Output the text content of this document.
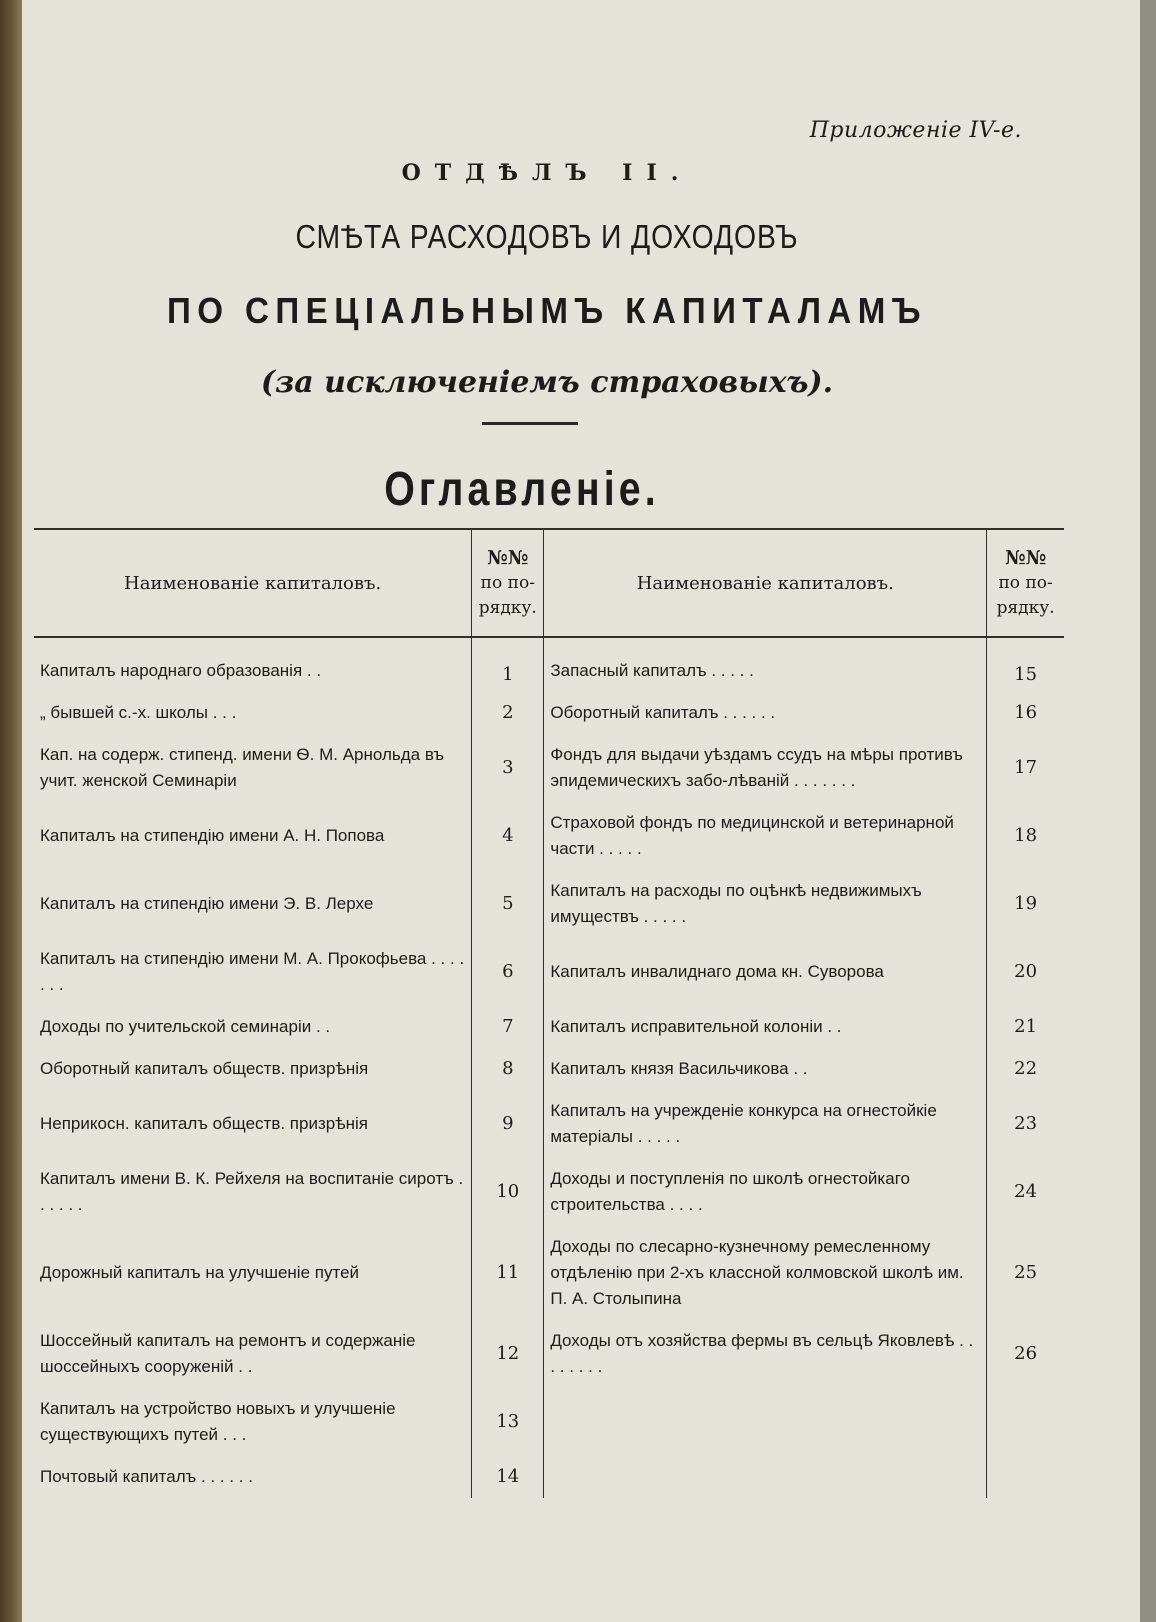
Приложеніе IV-е.
ОТДѢЛЪ II.
СМѢТА РАСХОДОВЪ И ДОХОДОВЪ
ПО СПЕЦІАЛЬНЫМЪ КАПИТАЛАМЪ
(за исключеніемъ страховыхъ).
Оглавленіе.
Наименованіе капиталовъ.	№№
по по-
рядку.	Наименованіе капиталовъ.	№№
по по-
рядку.

Капиталъ народнаго образованія . .	1	Запасный капиталъ . . . . .	15
„ бывшей с.-х. школы . . .	2	Оборотный капиталъ . . . . . .	16
Кап. на содерж. стипенд. имени Ѳ. М. Арнольда въ учит. женской Семинаріи	3	Фондъ для выдачи уѣздамъ ссудъ на мѣры противъ эпидемическихъ забо-лѣваній . . . . . . .	17
Капиталъ на стипендію имени А. Н. Попова	4	Страховой фондъ по медицинской и ветеринарной части . . . . .	18
Капиталъ на стипендію имени Э. В. Лерхе	5	Капиталъ на расходы по оцѣнкѣ недвижимыхъ имуществъ . . . . .	19
Капиталъ на стипендію имени М. А. Прокофьева . . . . . . .	6	Капиталъ инвалиднаго дома кн. Суворова	20
Доходы по учительской семинаріи . .	7	Капиталъ исправительной колоніи . .	21
Оборотный капиталъ обществ. призрѣнія	8	Капиталъ князя Васильчикова . .	22
Неприкосн. капиталъ обществ. призрѣнія	9	Капиталъ на учрежденіе конкурса на огнестойкіе матеріалы . . . . .	23
Капиталъ имени В. К. Рейхеля на воспитаніе сиротъ . . . . . .	10	Доходы и поступленія по школѣ огнестойкаго строительства . . . .	24
Дорожный капиталъ на улучшеніе путей	11	Доходы по слесарно-кузнечному ремесленному отдѣленію при 2-хъ классной колмовской школѣ им. П. А. Столыпина	25
Шоссейный капиталъ на ремонтъ и содержаніе шоссейныхъ сооруженій . .	12	Доходы отъ хозяйства фермы въ сельцѣ Яковлевѣ . . . . . . . .	26
Капиталъ на устройство новыхъ и улучшеніе существующихъ путей . . .	13		
Почтовый капиталъ . . . . . .	14		
